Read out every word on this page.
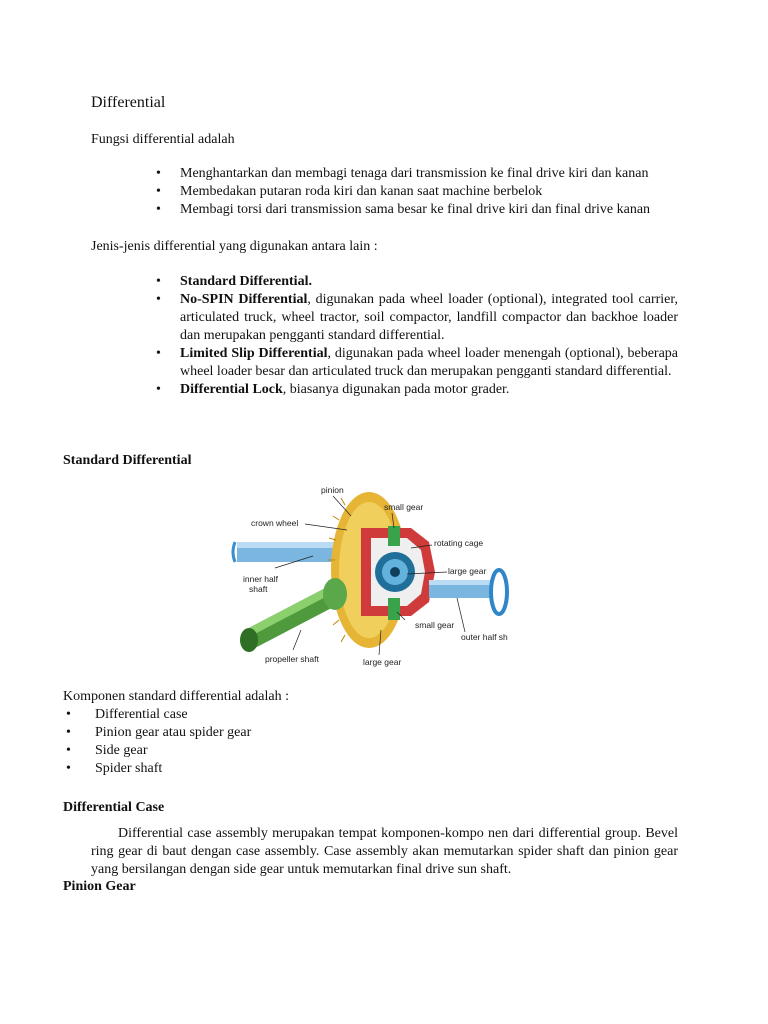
Differential
Fungsi differential adalah
• Menghantarkan dan membagi tenaga dari transmission ke final drive kiri dan kanan
• Membedakan putaran roda kiri dan kanan saat machine berbelok
• Membagi torsi dari transmission sama besar ke final drive kiri dan final drive kanan
Jenis-jenis differential yang digunakan antara lain :
• Standard Differential.
• No-SPIN Differential, digunakan pada wheel loader (optional), integrated tool carrier, articulated truck, wheel tractor, soil compactor, landfill compactor dan backhoe loader dan merupakan pengganti standard differential.
• Limited Slip Differential, digunakan pada wheel loader menengah (optional), beberapa wheel loader besar dan articulated truck dan merupakan pengganti standard differential.
• Differential Lock, biasanya digunakan pada motor grader.
Standard Differential
pinion
small gear
crown wheel
rotating cage
large gear
inner half
shaft
small gear
outer half sh
propeller shaft	large gear
Komponen standard differential adalah :
• Differential case
• Pinion gear atau spider gear
• Side gear
• Spider shaft
Differential Case
Differential case assembly merupakan tempat komponen-kompo nen dari differential group. Bevel ring gear di baut dengan case assembly. Case assembly akan memutarkan spider shaft dan pinion gear yang bersilangan dengan side gear untuk memutarkan final drive sun shaft.
Pinion Gear
